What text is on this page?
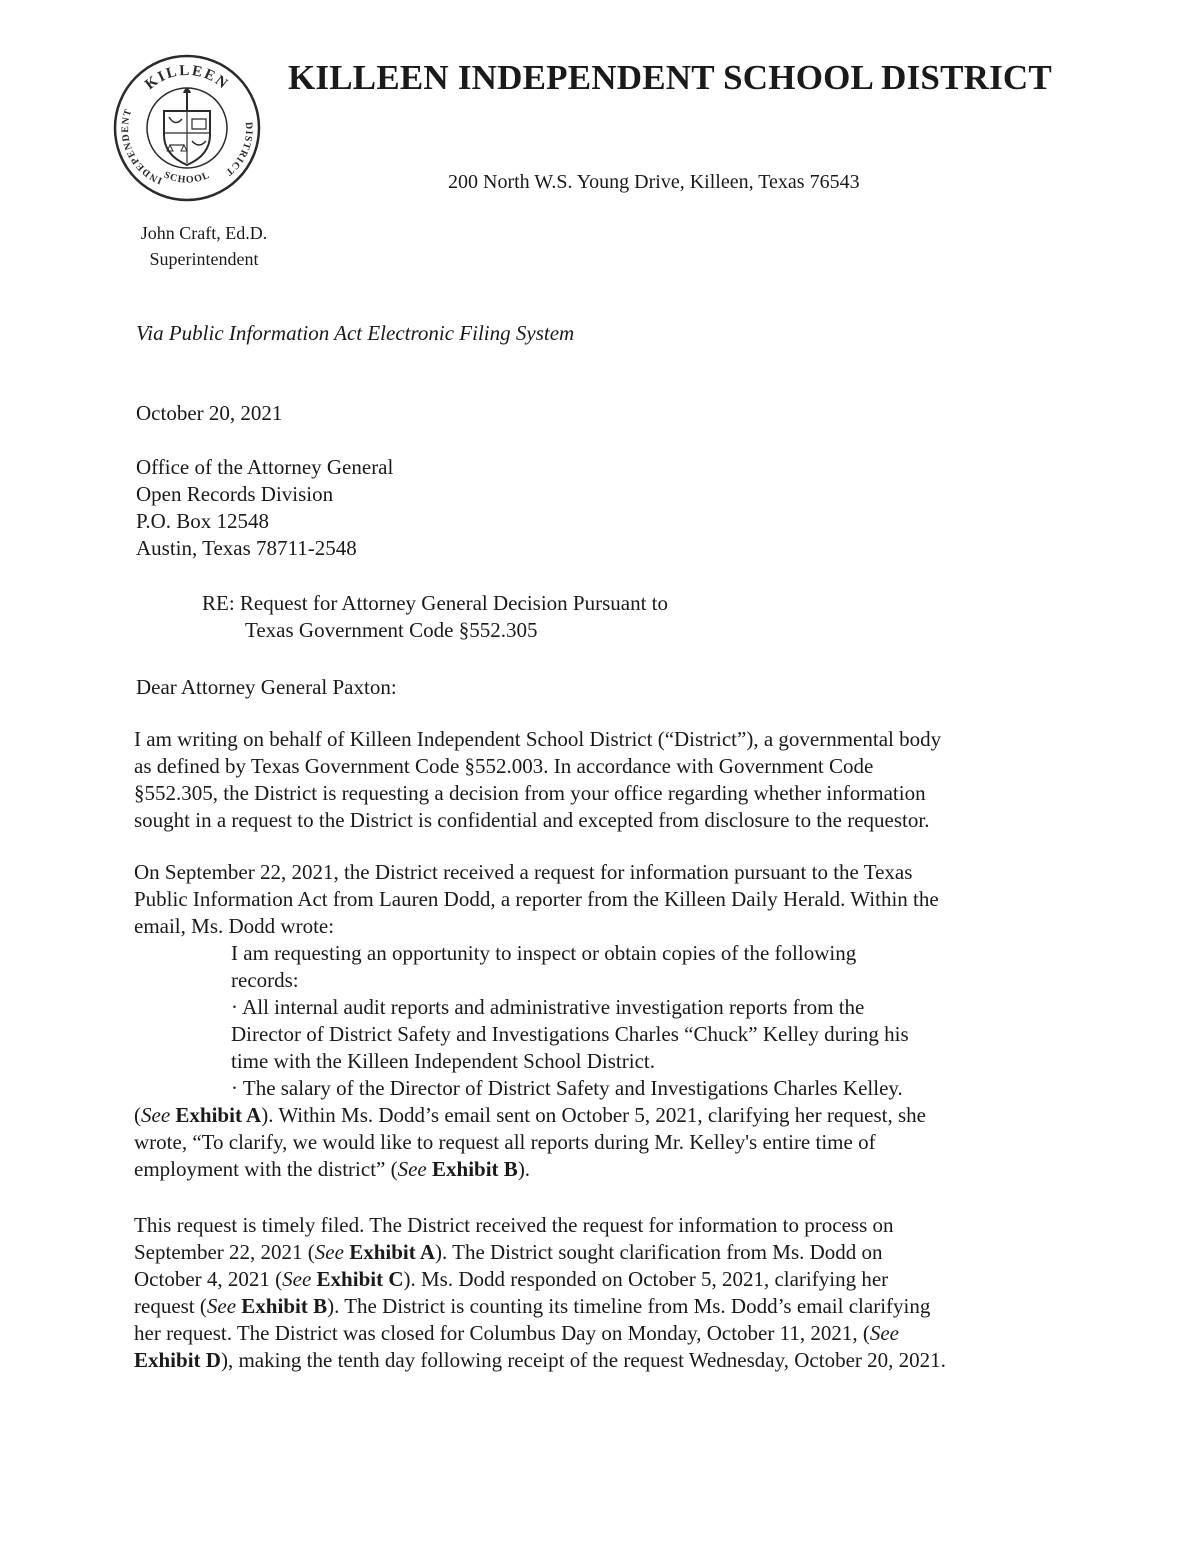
KILLEEN
INDEPENDENT
SCHOOL
DISTRICT
KILLEEN INDEPENDENT SCHOOL DISTRICT
200 North W.S. Young Drive, Killeen, Texas 76543
John Craft, Ed.D.
Superintendent
Via Public Information Act Electronic Filing System
October 20, 2021
Office of the Attorney General
Open Records Division
P.O. Box 12548
Austin, Texas 78711-2548
RE: Request for Attorney General Decision Pursuant to
Texas Government Code §552.305
Dear Attorney General Paxton:
I am writing on behalf of Killeen Independent School District (“District”), a governmental body
as defined by Texas Government Code §552.003. In accordance with Government Code
§552.305, the District is requesting a decision from your office regarding whether information
sought in a request to the District is confidential and excepted from disclosure to the requestor.
On September 22, 2021, the District received a request for information pursuant to the Texas
Public Information Act from Lauren Dodd, a reporter from the Killeen Daily Herald. Within the
email, Ms. Dodd wrote:
I am requesting an opportunity to inspect or obtain copies of the following
records:
· All internal audit reports and administrative investigation reports from the
Director of District Safety and Investigations Charles “Chuck” Kelley during his
time with the Killeen Independent School District.
· The salary of the Director of District Safety and Investigations Charles Kelley.
(See Exhibit A). Within Ms. Dodd’s email sent on October 5, 2021, clarifying her request, she
wrote, “To clarify, we would like to request all reports during Mr. Kelley's entire time of
employment with the district” (See Exhibit B).
This request is timely filed. The District received the request for information to process on
September 22, 2021 (See Exhibit A). The District sought clarification from Ms. Dodd on
October 4, 2021 (See Exhibit C). Ms. Dodd responded on October 5, 2021, clarifying her
request (See Exhibit B). The District is counting its timeline from Ms. Dodd’s email clarifying
her request. The District was closed for Columbus Day on Monday, October 11, 2021, (See
Exhibit D), making the tenth day following receipt of the request Wednesday, October 20, 2021.
